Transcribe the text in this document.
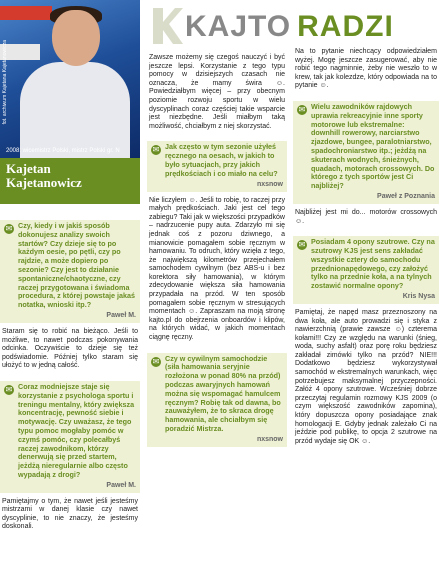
fot. archiwum Kajetana Kajetanowicza
2008: wicemistrz Polski, mistrz Polski gr. N
Kajetan
Kajetanowicz
✉ Czy, kiedy i w jakiś sposób dokonujesz analizy swoich startów? Czy dzieje się to po każdym oesie, po pętli, czy po rajdzie, a może dopiero po sezonie? Czy jest to działanie spontaniczne/chaotyczne, czy raczej przygotowana i świadoma procedura, z której powstaje jakaś notatka, wnioski itp.?
Paweł M.
Staram się to robić na bieżąco. Jeśli to możliwe, to nawet podczas pokonywania odcinka. Oczywiście to dzieje się też podświadomie. Później tylko staram się ułożyć to w jedną całość.
✉ Coraz modniejsze staje się korzystanie z psychologa sportu i treningu mentalny, który zwiększa koncentrację, pewność siebie i motywację. Czy uważasz, że tego typu pomoc mogłaby pomóc w czymś pomóc, czy polecałbyś raczej zawodnikom, którzy denerwują się przed startem, jeżdżą nieregularnie albo często wypadają z drogi?
Paweł M.
Pamiętajmy o tym, że nawet jeśli jesteśmy mistrzami w danej klasie czy nawet dyscyplinie, to nie znaczy, że jesteśmy doskonali.
KAJTO RADZI
Zawsze możemy się czegoś nauczyć i być jeszcze lepsi. Korzystanie z tego typu pomocy w dzisiejszych czasach nie oznacza, że mamy świra ☺. Powiedziałbym więcej – przy obecnym poziomie rozwoju sportu w wielu dyscyplinach coraz częściej takie wsparcie jest niezbędne. Jeśli miałbym taką możliwość, chciałbym z niej skorzystać.
✉ Jak często w tym sezonie użyłeś ręcznego na oesach, w jakich to było sytuacjach, przy jakich prędkościach i co miało na celu?
nxsnow
Nie liczyłem ☺. Jeśli to robię, to raczej przy małych prędkościach. Jaki jest cel tego zabiegu? Taki jak w większości przypadków – nadrzucenie pupy auta. Zdarzyło mi się jednak coś z pozoru dziwnego, a mianowicie pomagałem sobie ręcznym w hamowaniu. To odruch, który wzięła z tego, że największą kilometrów przejechałem samochodem cywilnym (bez ABS-u i bez korektora siły hamowania), w którym zdecydowanie większa siła hamowania przypadała na przód. W ten sposób pomagałem sobie ręcznym w stresujących momentach ☺. Zapraszam na moją stronę kajto.pl do obejrzenia onboardów i klipów, na których widać, w jakich momentach ciągnę ręczny.
✉ Czy w cywilnym samochodzie (siła hamowania seryjnie rozłożona w ponad 80% na przód) podczas awaryjnych hamowań można się wspomagać hamulcem ręcznym? Robię tak od dawna, bo zauważyłem, że to skraca drogę hamowania, ale chciałbym się poradzić Mistrza.
nxsnow
Na to pytanie niechcący odpowiedziałem wyżej. Mogę jeszcze zasugerować, aby nie robić tego nagminnie, żeby nie weszło to w krew, tak jak kolezdze, który odpowiada na to pytanie ☺.
✉ Wielu zawodników rajdowych uprawia rekreacyjnie inne sporty motorowe lub ekstremalne: downhill rowerowy, narciarstwo zjazdowe, bungee, paralotniarstwo, spadochroniarstwo itp.; jeżdżą na skuterach wodnych, śnieżnych, quadach, motorach crossowych. Do którego z tych sportów jest Ci najbliżej?
Paweł z Poznania
Najbliżej jest mi do... motorów crossowych ☺.
✉ Posiadam 4 opony szutrowe. Czy na szutrowy KJS jest sens zakładać wszystkie cztery do samochodu przednionapędowego, czy założyć tylko na przednie koła, a na tylnych zostawić normalne opony?
Kris Nysa
Pamiętaj, że napęd masz przeznoszony na dwa koła, ale auto prowadzi się i styka z nawierzchnią (prawie zawsze ☺) czterema kołami!!! Czy ze względu na warunki (śnieg, woda, suchy asfalt) oraz porę roku będziesz zakładał zimówki tylko na przód? NIE!!! Dodatkowo będziesz wykorzystywał samochód w ekstremalnych warunkach, więc potrzebujesz maksymalnej przyczepności. Załóż 4 opony szutrowe. Wcześniej dobrze przeczytaj regulamin rozmowy KJS 2009 (o czym większość zawodników zapomina), który dopuszcza opony posiadające znak homologacji E. Gdyby jednak zależało Ci na jeździe pod publikę, to opcja 2 szutrowe na przód wydaje się OK ☺.
